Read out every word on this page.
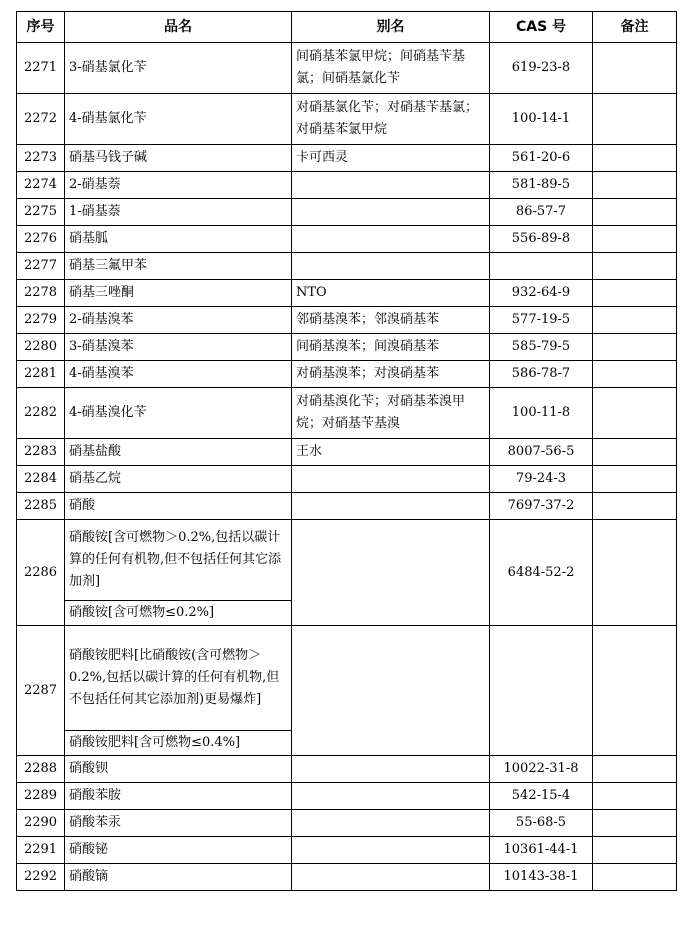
序号	品名	别名	CAS 号	备注
2271	3-硝基氯化苄	间硝基苯氯甲烷；间硝基苄基氯；间硝基氯化苄	619-23-8	
2272	4-硝基氯化苄	对硝基氯化苄；对硝基苄基氯；对硝基苯氯甲烷	100-14-1	
2273	硝基马钱子碱	卡可西灵	561-20-6	
2274	2-硝基萘		581-89-5	
2275	1-硝基萘		86-57-7	
2276	硝基胍		556-89-8	
2277	硝基三氟甲苯			
2278	硝基三唑酮	NTO	932-64-9	
2279	2-硝基溴苯	邻硝基溴苯；邻溴硝基苯	577-19-5	
2280	3-硝基溴苯	间硝基溴苯；间溴硝基苯	585-79-5	
2281	4-硝基溴苯	对硝基溴苯；对溴硝基苯	586-78-7	
2282	4-硝基溴化苄	对硝基溴化苄；对硝基苯溴甲烷；对硝基苄基溴	100-11-8	
2283	硝基盐酸	王水	8007-56-5	
2284	硝基乙烷		79-24-3	
2285	硝酸		7697-37-2	
2286	硝酸铵[含可燃物＞0.2%,包括以碳计算的任何有机物,但不包括任何其它添加剂]		6484-52-2	
	硝酸铵[含可燃物≤0.2%]			
2287	硝酸铵肥料[比硝酸铵(含可燃物＞0.2%,包括以碳计算的任何有机物,但不包括任何其它添加剂)更易爆炸]			
	硝酸铵肥料[含可燃物≤0.4%]			
2288	硝酸钡		10022-31-8	
2289	硝酸苯胺		542-15-4	
2290	硝酸苯汞		55-68-5	
2291	硝酸铋		10361-44-1	
2292	硝酸镝		10143-38-1	
